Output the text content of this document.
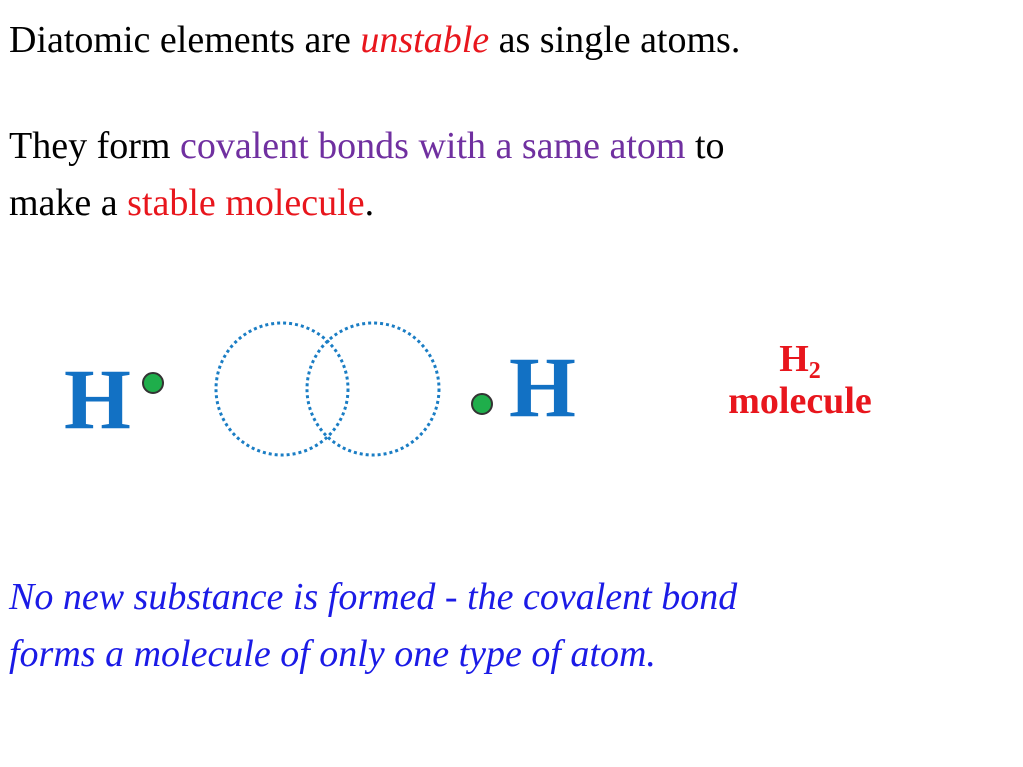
Diatomic elements are unstable as single atoms.
They form covalent bonds with a same atom to
make a stable molecule.
H	H	$H_2$
molecule
No new substance is formed - the covalent bond
forms a molecule of only one type of atom.
